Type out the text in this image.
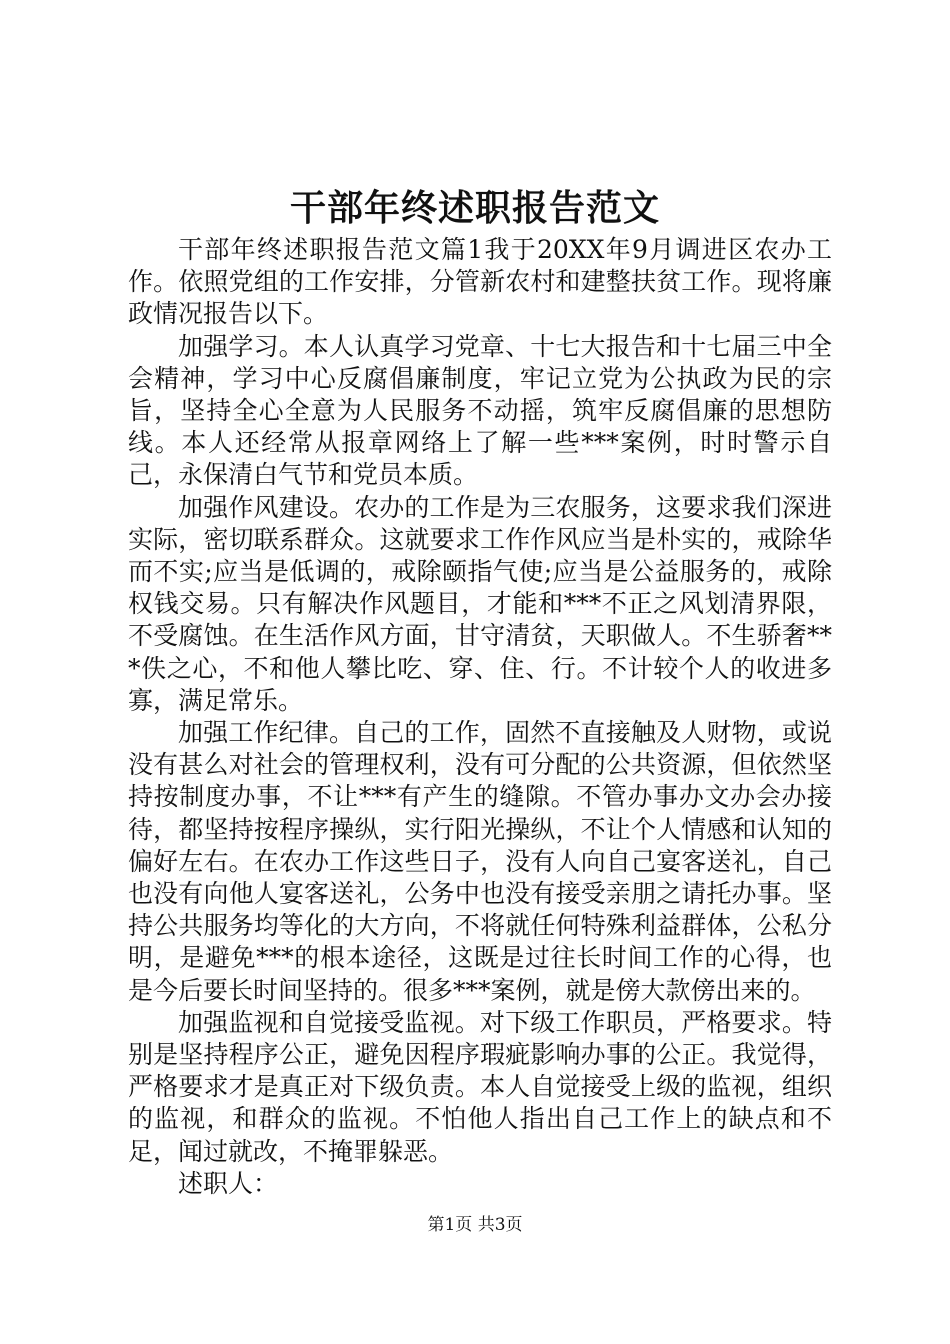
干部年终述职报告范文

干部年终述职报告范文篇1我于20XX年9月调进区农办工作。依照党组的工作安排，分管新农村和建整扶贫工作。现将廉政情况报告以下。

加强学习。本人认真学习党章、十七大报告和十七届三中全会精神，学习中心反腐倡廉制度，牢记立党为公执政为民的宗旨，坚持全心全意为人民服务不动摇，筑牢反腐倡廉的思想防线。本人还经常从报章网络上了解一些***案例，时时警示自己，永保清白气节和党员本质。

加强作风建设。农办的工作是为三农服务，这要求我们深进实际，密切联系群众。这就要求工作作风应当是朴实的，戒除华而不实;应当是低调的，戒除颐指气使;应当是公益服务的，戒除权钱交易。只有解决作风题目，才能和***不正之风划清界限，不受腐蚀。在生活作风方面，甘守清贫，天职做人。不生骄奢***佚之心，不和他人攀比吃、穿、住、行。不计较个人的收进多寡，满足常乐。

加强工作纪律。自己的工作，固然不直接触及人财物，或说没有甚么对社会的管理权利，没有可分配的公共资源，但依然坚持按制度办事，不让***有产生的缝隙。不管办事办文办会办接待，都坚持按程序操纵，实行阳光操纵，不让个人情感和认知的偏好左右。在农办工作这些日子，没有人向自己宴客送礼，自己也没有向他人宴客送礼，公务中也没有接受亲朋之请托办事。坚持公共服务均等化的大方向，不将就任何特殊利益群体，公私分明，是避免***的根本途径，这既是过往长时间工作的心得，也是今后要长时间坚持的。很多***案例，就是傍大款傍出来的。

加强监视和自觉接受监视。对下级工作职员，严格要求。特别是坚持程序公正，避免因程序瑕疵影响办事的公正。我觉得，严格要求才是真正对下级负责。本人自觉接受上级的监视，组织的监视，和群众的监视。不怕他人指出自己工作上的缺点和不足，闻过就改，不掩罪躲恶。

述职人：

第1页 共3页
